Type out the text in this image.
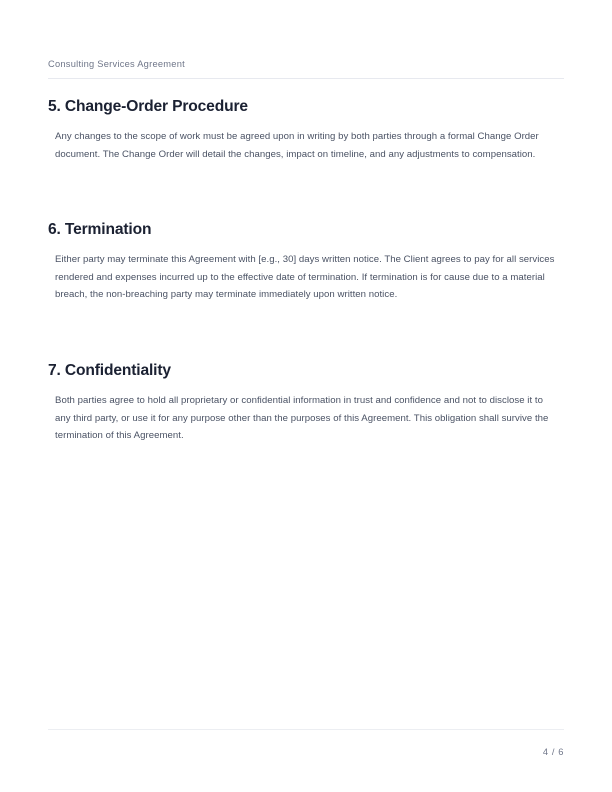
Consulting Services Agreement
5. Change-Order Procedure

Any changes to the scope of work must be agreed upon in writing by both parties through a formal Change Order document. The Change Order will detail the changes, impact on timeline, and any adjustments to compensation.

6. Termination

Either party may terminate this Agreement with [e.g., 30] days written notice. The Client agrees to pay for all services rendered and expenses incurred up to the effective date of termination. If termination is for cause due to a material breach, the non-breaching party may terminate immediately upon written notice.

7. Confidentiality

Both parties agree to hold all proprietary or confidential information in trust and confidence and not to disclose it to any third party, or use it for any purpose other than the purposes of this Agreement. This obligation shall survive the termination of this Agreement.

4 / 6
